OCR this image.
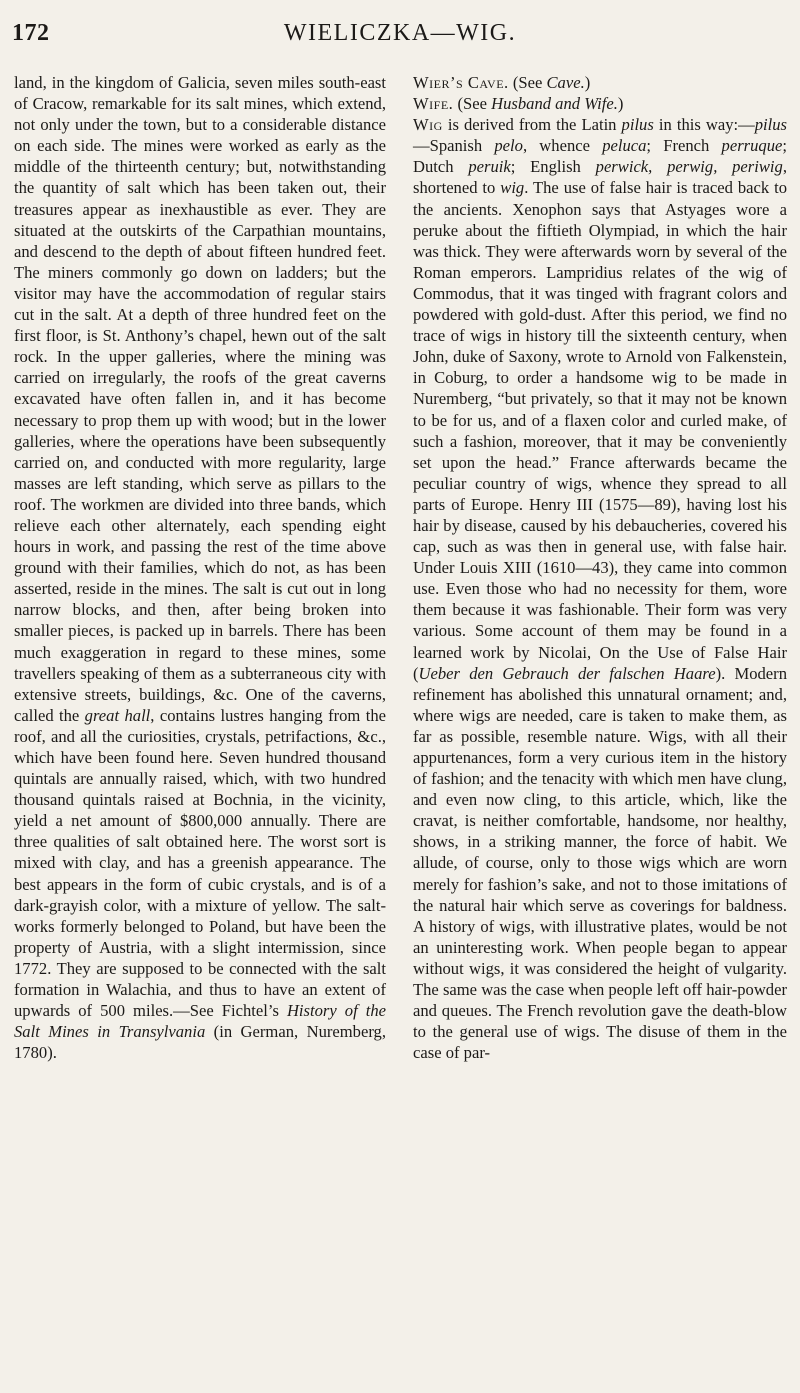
172	WIELICZKA—WIG.

land, in the kingdom of Galicia, seven miles south-east of Cracow, remarkable for its salt mines, which extend, not only under the town, but to a considerable distance on each side. The mines were worked as early as the middle of the thirteenth century; but, notwithstanding the quantity of salt which has been taken out, their treasures appear as inexhaustible as ever. They are situated at the outskirts of the Carpathian mountains, and descend to the depth of about fifteen hundred feet. The miners commonly go down on ladders; but the visitor may have the accommodation of regular stairs cut in the salt. At a depth of three hundred feet on the first floor, is St. Anthony’s chapel, hewn out of the salt rock. In the upper galleries, where the mining was carried on irregularly, the roofs of the great caverns excavated have often fallen in, and it has become necessary to prop them up with wood; but in the lower galleries, where the operations have been subsequently carried on, and conducted with more regularity, large masses are left standing, which serve as pillars to the roof. The workmen are divided into three bands, which relieve each other alternately, each spending eight hours in work, and passing the rest of the time above ground with their families, which do not, as has been asserted, reside in the mines. The salt is cut out in long narrow blocks, and then, after being broken into smaller pieces, is packed up in barrels. There has been much exaggeration in regard to these mines, some travellers speaking of them as a subterraneous city with extensive streets, buildings, &c. One of the caverns, called the great hall, contains lustres hanging from the roof, and all the curiosities, crystals, petrifactions, &c., which have been found here. Seven hundred thousand quintals are annually raised, which, with two hundred thousand quintals raised at Bochnia, in the vicinity, yield a net amount of $800,000 annually. There are three qualities of salt obtained here. The worst sort is mixed with clay, and has a greenish appearance. The best appears in the form of cubic crystals, and is of a dark-grayish color, with a mixture of yellow. The salt-works formerly belonged to Poland, but have been the property of Austria, with a slight intermission, since 1772. They are supposed to be connected with the salt formation in Walachia, and thus to have an extent of upwards of 500 miles.—See Fichtel’s History of the Salt Mines in Transylvania (in German, Nuremberg, 1780).

Wier’s Cave. (See Cave.)

Wife. (See Husband and Wife.)

Wig is derived from the Latin pilus in this way:—pilus—Spanish pelo, whence peluca; French perruque; Dutch peruik; English perwick, perwig, periwig, shortened to wig. The use of false hair is traced back to the ancients. Xenophon says that Astyages wore a peruke about the fiftieth Olympiad, in which the hair was thick. They were afterwards worn by several of the Roman emperors. Lampridius relates of the wig of Commodus, that it was tinged with fragrant colors and powdered with gold-dust. After this period, we find no trace of wigs in history till the sixteenth century, when John, duke of Saxony, wrote to Arnold von Falkenstein, in Coburg, to order a handsome wig to be made in Nuremberg, “but privately, so that it may not be known to be for us, and of a flaxen color and curled make, of such a fashion, moreover, that it may be conveniently set upon the head.” France afterwards became the peculiar country of wigs, whence they spread to all parts of Europe. Henry III (1575—89), having lost his hair by disease, caused by his debaucheries, covered his cap, such as was then in general use, with false hair. Under Louis XIII (1610—43), they came into common use. Even those who had no necessity for them, wore them because it was fashionable. Their form was very various. Some account of them may be found in a learned work by Nicolai, On the Use of False Hair (Ueber den Gebrauch der falschen Haare). Modern refinement has abolished this unnatural ornament; and, where wigs are needed, care is taken to make them, as far as possible, resemble nature. Wigs, with all their appurtenances, form a very curious item in the history of fashion; and the tenacity with which men have clung, and even now cling, to this article, which, like the cravat, is neither comfortable, handsome, nor healthy, shows, in a striking manner, the force of habit. We allude, of course, only to those wigs which are worn merely for fashion’s sake, and not to those imitations of the natural hair which serve as coverings for baldness. A history of wigs, with illustrative plates, would be not an uninteresting work. When people began to appear without wigs, it was considered the height of vulgarity. The same was the case when people left off hair-powder and queues. The French revolution gave the death-blow to the general use of wigs. The disuse of them in the case of par-
